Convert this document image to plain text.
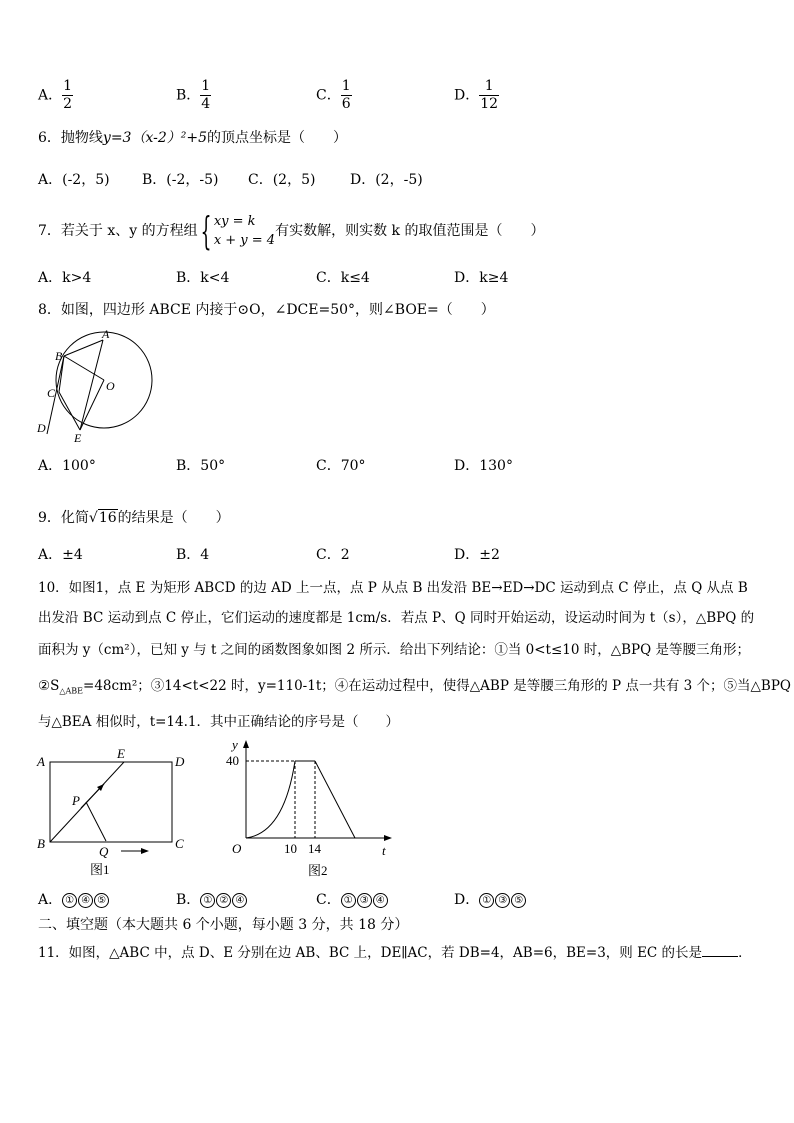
A． $\frac{1}{2}$	B． $\frac{1}{4}$	C． $\frac{1}{6}$	D． $\frac{1}{12}$
6．抛物线y=3（x-2）²+5的顶点坐标是（　　）
A．(-2，5)	B．(-2，-5)	C．(2，5)	D．(2，-5)
7．若关于 x、y 的方程组{ xy = k
x + y = 4
有实数解，则实数 k 的取值范围是（　　）
A．k>4	B．k<4	C．k≤4	D．k≥4
8．如图，四边形 ABCE 内接于⊙O，∠DCE=50°，则∠BOE=（　　）
A
B
C
D
E
O
A．100°	B．50°	C．70°	D．130°
9．化简√16的结果是（　　）
A．±4	B．4	C．2	D．±2
10．如图1，点 E 为矩形 ABCD 的边 AD 上一点，点 P 从点 B 出发沿 BE→ED→DC 运动到点 C 停止，点 Q 从点 B
出发沿 BC 运动到点 C 停止，它们运动的速度都是 1cm/s．若点 P、Q 同时开始运动，设运动时间为 t（s），△BPQ 的
面积为 y（cm²），已知 y 与 t 之间的函数图象如图 2 所示．给出下列结论：①当 0<t≤10 时，△BPQ 是等腰三角形；
$②S_{\triangle ABE}=48cm^2$；③14<t<22 时，y=110-1t；④在运动过程中，使得△ABP 是等腰三角形的 P 点一共有 3 个；⑤当△BPQ
与△BEA 相似时，t=14.1．其中正确结论的序号是（　　）
A
E
D
P
B
Q
C
图1
y
40
O	10 14	t
图2
A． ① ④ ⑤	B． ① ② ④	C． ① ③ ④	D． ① ③ ⑤
二、填空题（本大题共 6 个小题，每小题 3 分，共 18 分）
11．如图，△ABC 中，点 D、E 分别在边 AB、BC 上，DE∥AC，若 DB=4，AB=6，BE=3，则 EC 的长是	．
